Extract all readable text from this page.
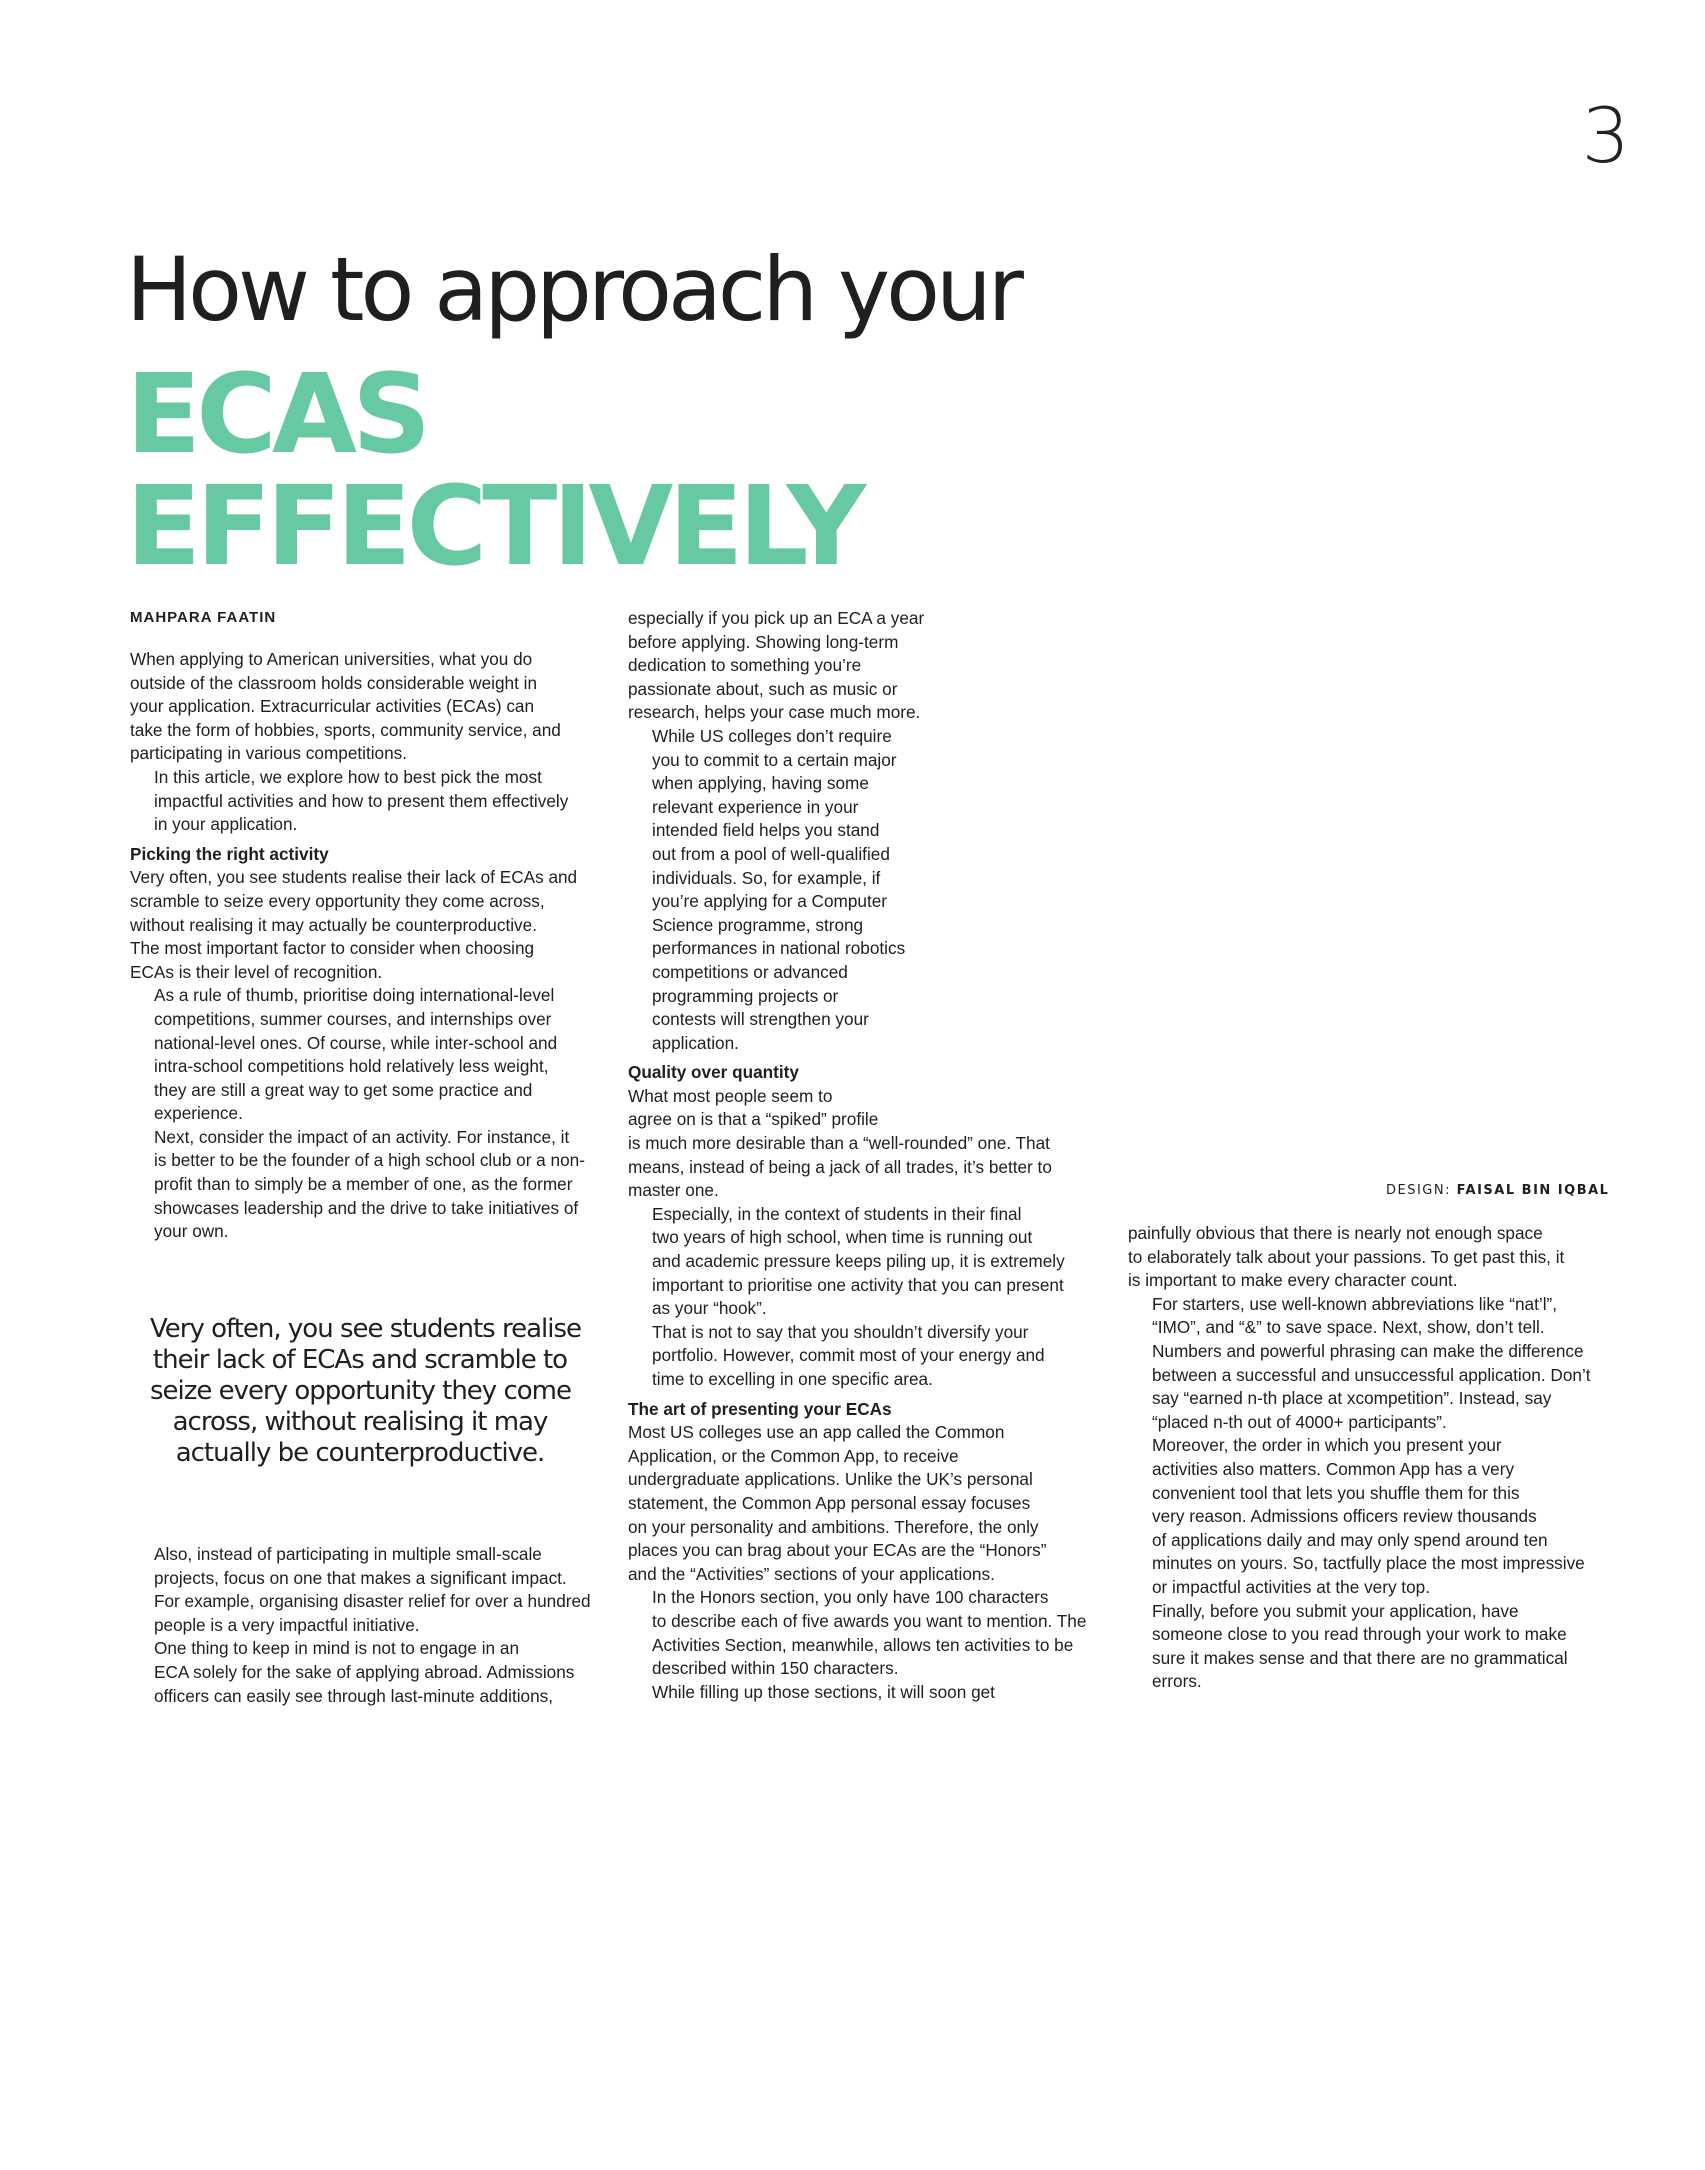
3
How to approach your
ECAS
EFFECTIVELY
MAHPARA FAATIN

When applying to American universities, what you do
outside of the classroom holds considerable weight in
your application. Extracurricular activities (ECAs) can
take the form of hobbies, sports, community service, and
participating in various competitions.

In this article, we explore how to best pick the most
impactful activities and how to present them effectively
in your application.

Picking the right activity

Very often, you see students realise their lack of ECAs and
scramble to seize every opportunity they come across,
without realising it may actually be counterproductive.
The most important factor to consider when choosing
ECAs is their level of recognition.

As a rule of thumb, prioritise doing international-level
competitions, summer courses, and internships over
national-level ones. Of course, while inter-school and
intra-school competitions hold relatively less weight,
they are still a great way to get some practice and
experience.

Next, consider the impact of an activity. For instance, it
is better to be the founder of a high school club or a non-
profit than to simply be a member of one, as the former
showcases leadership and the drive to take initiatives of
your own.

Very often, you see students realise
their lack of ECAs and scramble to
seize every opportunity they come
across, without realising it may
actually be counterproductive.

Also, instead of participating in multiple small-scale
projects, focus on one that makes a significant impact.
For example, organising disaster relief for over a hundred
people is a very impactful initiative.

One thing to keep in mind is not to engage in an
ECA solely for the sake of applying abroad. Admissions
officers can easily see through last-minute additions,

especially if you pick up an ECA a year
before applying. Showing long-term
dedication to something you’re
passionate about, such as music or
research, helps your case much more.

While US colleges don’t require
you to commit to a certain major
when applying, having some
relevant experience in your
intended field helps you stand
out from a pool of well-qualified
individuals. So, for example, if
you’re applying for a Computer
Science programme, strong
performances in national robotics
competitions or advanced
programming projects or
contests will strengthen your
application.

Quality over quantity

What most people seem to
agree on is that a “spiked” profile
is much more desirable than a “well-rounded” one. That
means, instead of being a jack of all trades, it’s better to
master one.

Especially, in the context of students in their final
two years of high school, when time is running out
and academic pressure keeps piling up, it is extremely
important to prioritise one activity that you can present
as your “hook”.

That is not to say that you shouldn’t diversify your
portfolio. However, commit most of your energy and
time to excelling in one specific area.

The art of presenting your ECAs

Most US colleges use an app called the Common
Application, or the Common App, to receive
undergraduate applications. Unlike the UK’s personal
statement, the Common App personal essay focuses
on your personality and ambitions. Therefore, the only
places you can brag about your ECAs are the “Honors”
and the “Activities” sections of your applications.

In the Honors section, you only have 100 characters
to describe each of five awards you want to mention. The
Activities Section, meanwhile, allows ten activities to be
described within 150 characters.

While filling up those sections, it will soon get

DESIGN: FAISAL BIN IQBAL

painfully obvious that there is nearly not enough space
to elaborately talk about your passions. To get past this, it
is important to make every character count.

For starters, use well-known abbreviations like “nat’l”,
“IMO”, and “&” to save space. Next, show, don’t tell.
Numbers and powerful phrasing can make the difference
between a successful and unsuccessful application. Don’t
say “earned n-th place at xcompetition”. Instead, say
“placed n-th out of 4000+ participants”.

Moreover, the order in which you present your
activities also matters. Common App has a very
convenient tool that lets you shuffle them for this
very reason. Admissions officers review thousands
of applications daily and may only spend around ten
minutes on yours. So, tactfully place the most impressive
or impactful activities at the very top.

Finally, before you submit your application, have
someone close to you read through your work to make
sure it makes sense and that there are no grammatical
errors.
